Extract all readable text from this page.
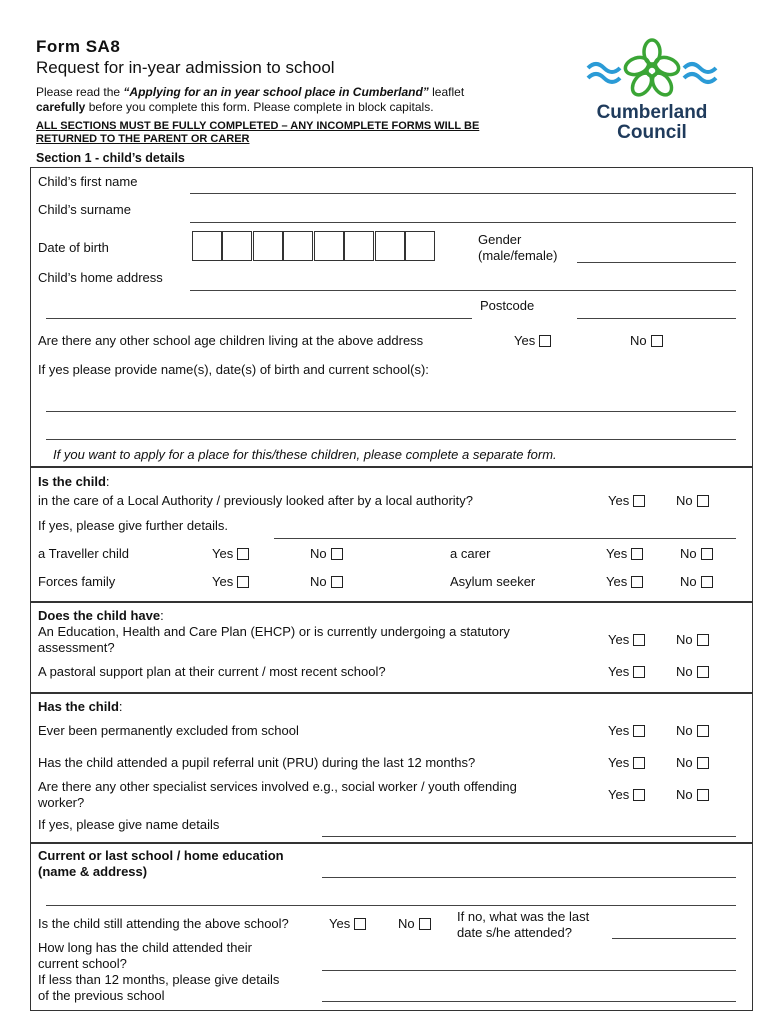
Form SA8
Request for in-year admission to school
Please read the “Applying for an in year school place in Cumberland” leaflet
carefully before you complete this form. Please complete in block capitals.
ALL SECTIONS MUST BE FULLY COMPLETED – ANY INCOMPLETE FORMS WILL BE RETURNED TO THE PARENT OR CARER
Section 1 - child’s details
Cumberland
Council
Child’s first name
Child’s surname
Date of birth
Gender
(male/female)
Child’s home address
Postcode
Are there any other school age children living at the above address	Yes	No
If yes please provide name(s), date(s) of birth and current school(s):
If you want to apply for a place for this/these children, please complete a separate form.
Is the child:
in the care of a Local Authority / previously looked after by a local authority?	Yes	No
If yes, please give further details.
a Traveller child	Yes	No	a carer	Yes	No
Forces family	Yes	No	Asylum seeker	Yes	No
Does the child have:
An Education, Health and Care Plan (EHCP) or is currently undergoing a statutory
assessment?
Yes	No
A pastoral support plan at their current / most recent school?	Yes	No
Has the child:
Ever been permanently excluded from school	Yes	No
Has the child attended a pupil referral unit (PRU) during the last 12 months?	Yes	No
Are there any other specialist services involved e.g., social worker / youth offending
worker?
Yes	No
If yes, please give name details
Current or last school / home education
(name & address)
Is the child still attending the above school?	Yes	No	If no, what was the last
date s/he attended?
How long has the child attended their
current school?
If less than 12 months, please give details
of the previous school
